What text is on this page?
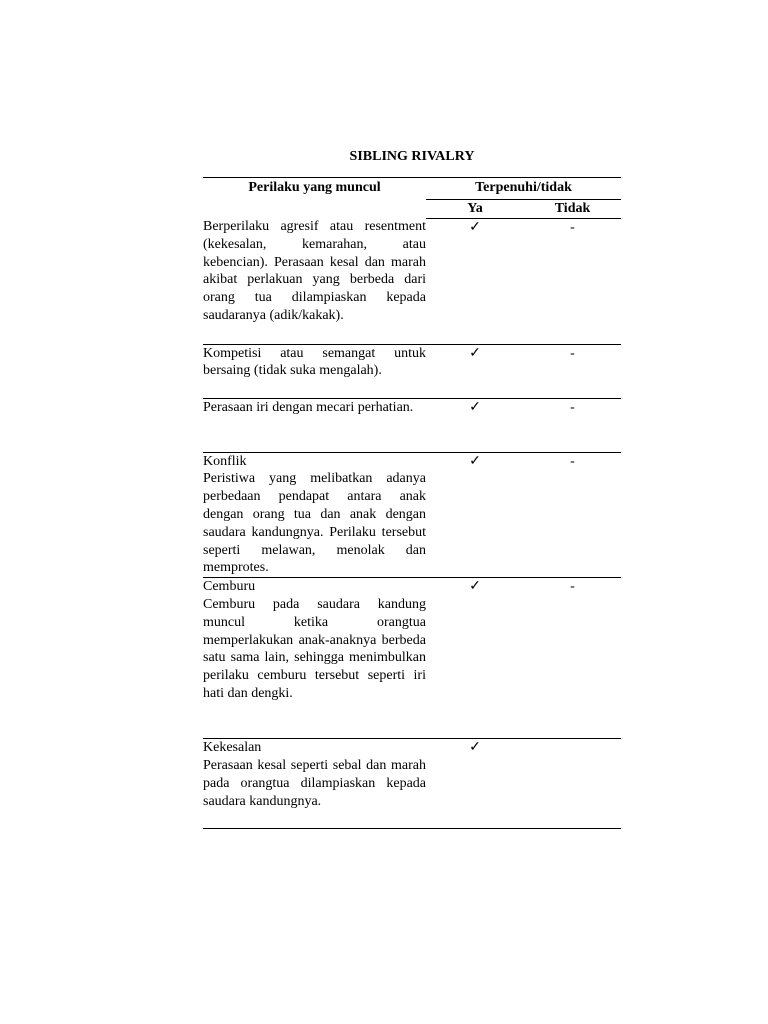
SIBLING RIVALRY
Perilaku yang muncul	Terpenuhi/tidak	
	Ya	Tidak

Berperilaku agresif atau resentment (kekesalan, kemarahan, atau kebencian). Perasaan kesal dan marah akibat perlakuan yang berbeda dari orang tua dilampiaskan kepada saudaranya (adik/kakak).	✓	-

Kompetisi atau semangat untuk bersaing (tidak suka mengalah).	✓	-

Perasaan iri dengan mecari perhatian.	✓	-

Konflik
Peristiwa yang melibatkan adanya perbedaan pendapat antara anak dengan orang tua dan anak dengan saudara kandungnya. Perilaku tersebut seperti melawan, menolak dan memprotes.	✓	-

Cemburu
Cemburu pada saudara kandung muncul ketika orangtua memperlakukan anak-anaknya berbeda satu sama lain, sehingga menimbulkan perilaku cemburu tersebut seperti iri hati dan dengki.	✓	-

Kekesalan
Perasaan kesal seperti sebal dan marah pada orangtua dilampiaskan kepada saudara kandungnya.	✓	
